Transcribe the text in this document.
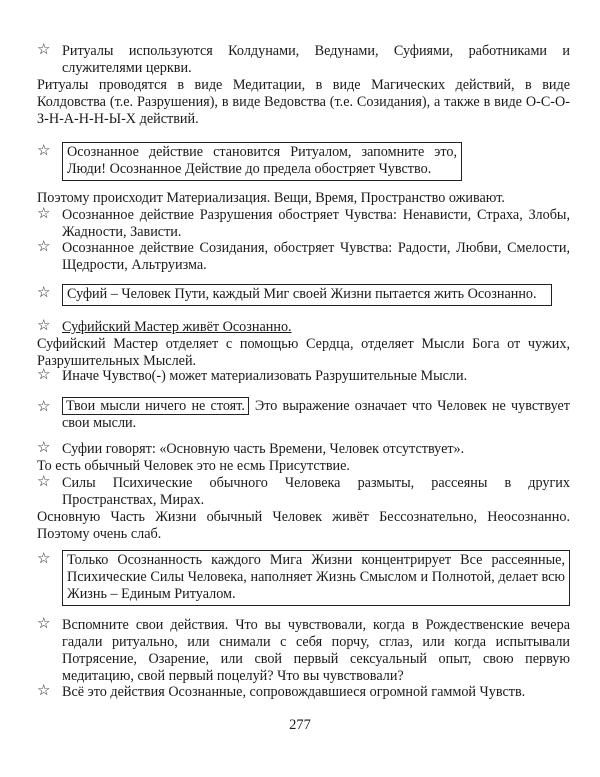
☆ Ритуалы используются Колдунами, Ведунами, Суфиями, работниками и служителями церкви.
Ритуалы проводятся в виде Медитации, в виде Магических действий, в виде Колдовства (т.е. Разрушения), в виде Ведовства (т.е. Созидания), а также в виде О-С-О-З-Н-А-Н-Н-Ы-Х действий.
☆	Осознанное действие становится Ритуалом, запомните это, Люди! Осознанное Действие до предела обостряет Чувство.
Поэтому происходит Материализация. Вещи, Время, Пространство оживают.
☆ Осознанное действие Разрушения обостряет Чувства: Ненависти, Страха, Злобы, Жадности, Зависти.
☆ Осознанное действие Созидания, обостряет Чувства: Радости, Любви, Смелости, Щедрости, Альтруизма.
☆	Суфий – Человек Пути, каждый Миг своей Жизни пытается жить Осознанно.
☆ Суфийский Мастер живёт Осознанно.
Суфийский Мастер отделяет с помощью Сердца, отделяет Мысли Бога от чужих, Разрушительных Мыслей.
☆ Иначе Чувство(-) может материализовать Разрушительные Мысли.
☆	Твои мысли ничего не стоят. Это выражение означает что Человек не чувствует свои мысли.
☆ Суфии говорят: «Основную часть Времени, Человек отсутствует».
То есть обычный Человек это не есмь Присутствие.
☆ Силы Психические обычного Человека размыты, рассеяны в других Пространствах, Мирах.
Основную Часть Жизни обычный Человек живёт Бессознательно, Неосознанно. Поэтому очень слаб.
☆	Только Осознанность каждого Мига Жизни концентрирует Все рассеянные, Психические Силы Человека, наполняет Жизнь Смыслом и Полнотой, делает всю Жизнь – Единым Ритуалом.
☆ Вспомните свои действия. Что вы чувствовали, когда в Рождественские вечера гадали ритуально, или снимали с себя порчу, сглаз, или когда испытывали Потрясение, Озарение, или свой первый сексуальный опыт, свою первую медитацию, свой первый поцелуй? Что вы чувствовали?
☆ Всё это действия Осознанные, сопровождавшиеся огромной гаммой Чувств.
277
